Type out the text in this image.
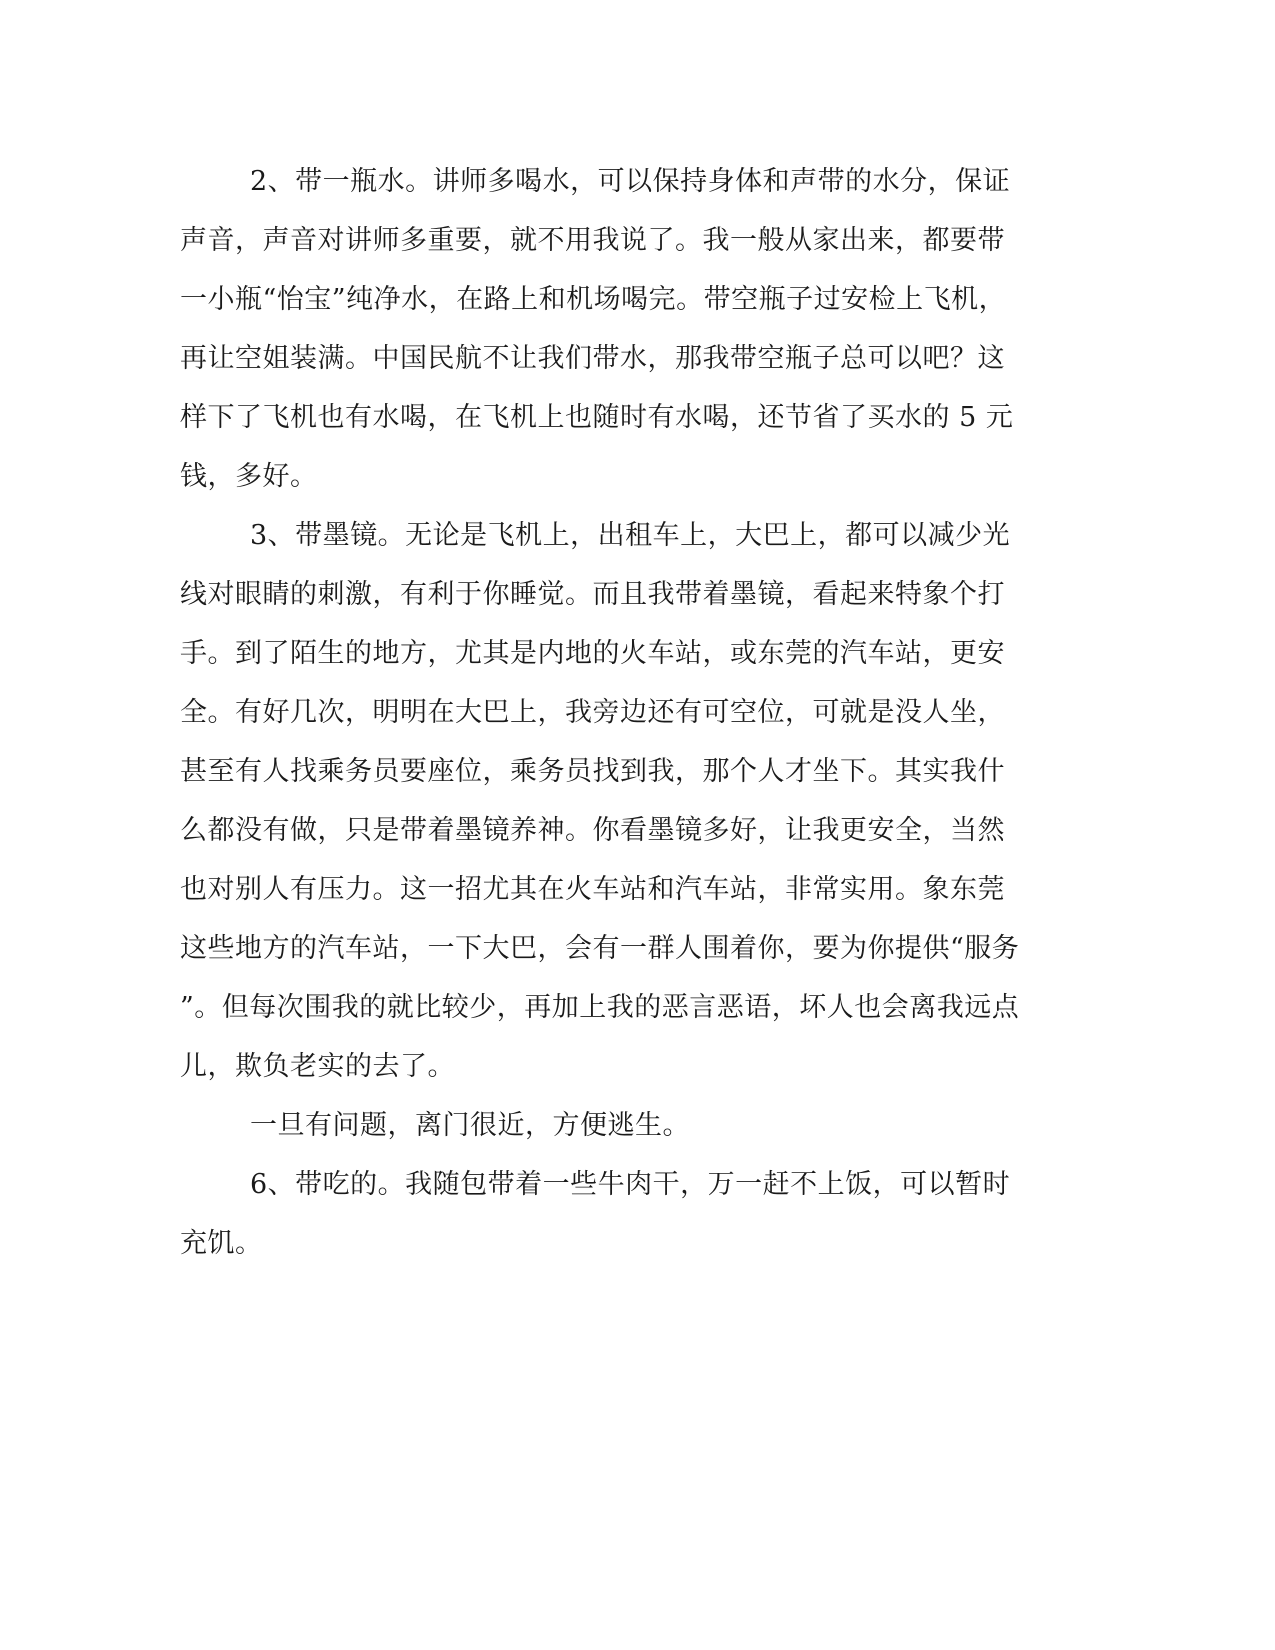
2、带一瓶水。讲师多喝水，可以保持身体和声带的水分，保证
声音，声音对讲师多重要，就不用我说了。我一般从家出来，都要带
一小瓶“怡宝”纯净水，在路上和机场喝完。带空瓶子过安检上飞机，
再让空姐装满。中国民航不让我们带水，那我带空瓶子总可以吧？这
样下了飞机也有水喝，在飞机上也随时有水喝，还节省了买水的 5 元
钱，多好。
3、带墨镜。无论是飞机上，出租车上，大巴上，都可以减少光
线对眼睛的刺激，有利于你睡觉。而且我带着墨镜，看起来特象个打
手。到了陌生的地方，尤其是内地的火车站，或东莞的汽车站，更安
全。有好几次，明明在大巴上，我旁边还有可空位，可就是没人坐，
甚至有人找乘务员要座位，乘务员找到我，那个人才坐下。其实我什
么都没有做，只是带着墨镜养神。你看墨镜多好，让我更安全，当然
也对别人有压力。这一招尤其在火车站和汽车站，非常实用。象东莞
这些地方的汽车站，一下大巴，会有一群人围着你，要为你提供“服务
”。但每次围我的就比较少，再加上我的恶言恶语，坏人也会离我远点
儿，欺负老实的去了。
一旦有问题，离门很近，方便逃生。
6、带吃的。我随包带着一些牛肉干，万一赶不上饭，可以暂时
充饥。
